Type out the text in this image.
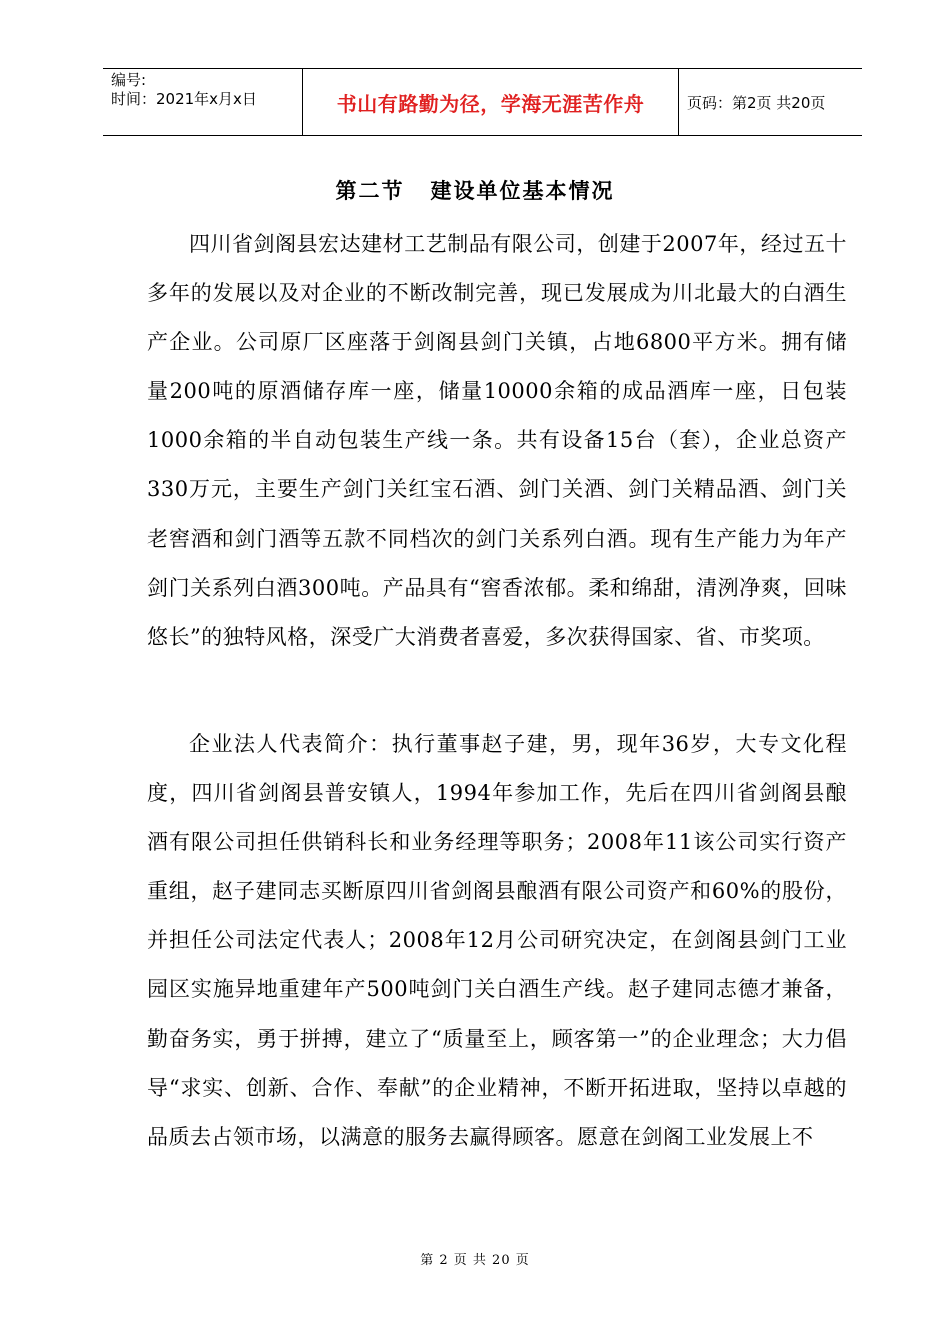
编号:
时间：2021年x月x日	书山有路勤为径，学海无涯苦作舟	页码：第2页 共20页
第二节 建设单位基本情况
四川省剑阁县宏达建材工艺制品有限公司，创建于2007年，经过五十多年的发展以及对企业的不断改制完善，现已发展成为川北最大的白酒生产企业。公司原厂区座落于剑阁县剑门关镇，占地6800平方米。拥有储量200吨的原酒储存库一座，储量10000余箱的成品酒库一座，日包装1000余箱的半自动包装生产线一条。共有设备15台（套），企业总资产330万元，主要生产剑门关红宝石酒、剑门关酒、剑门关精品酒、剑门关老窖酒和剑门酒等五款不同档次的剑门关系列白酒。现有生产能力为年产剑门关系列白酒300吨。产品具有“窖香浓郁。柔和绵甜，清洌净爽，回味悠长”的独特风格，深受广大消费者喜爱，多次获得国家、省、市奖项。
企业法人代表简介：执行董事赵子建，男，现年36岁，大专文化程度，四川省剑阁县普安镇人，1994年参加工作，先后在四川省剑阁县酿酒有限公司担任供销科长和业务经理等职务；2008年11该公司实行资产重组，赵子建同志买断原四川省剑阁县酿酒有限公司资产和60%的股份，并担任公司法定代表人；2008年12月公司研究决定，在剑阁县剑门工业园区实施异地重建年产500吨剑门关白酒生产线。赵子建同志德才兼备，勤奋务实，勇于拼搏，建立了“质量至上，顾客第一”的企业理念；大力倡导“求实、创新、合作、奉献”的企业精神，不断开拓进取，坚持以卓越的品质去占领市场，以满意的服务去赢得顾客。愿意在剑阁工业发展上不
第 2 页 共 20 页
